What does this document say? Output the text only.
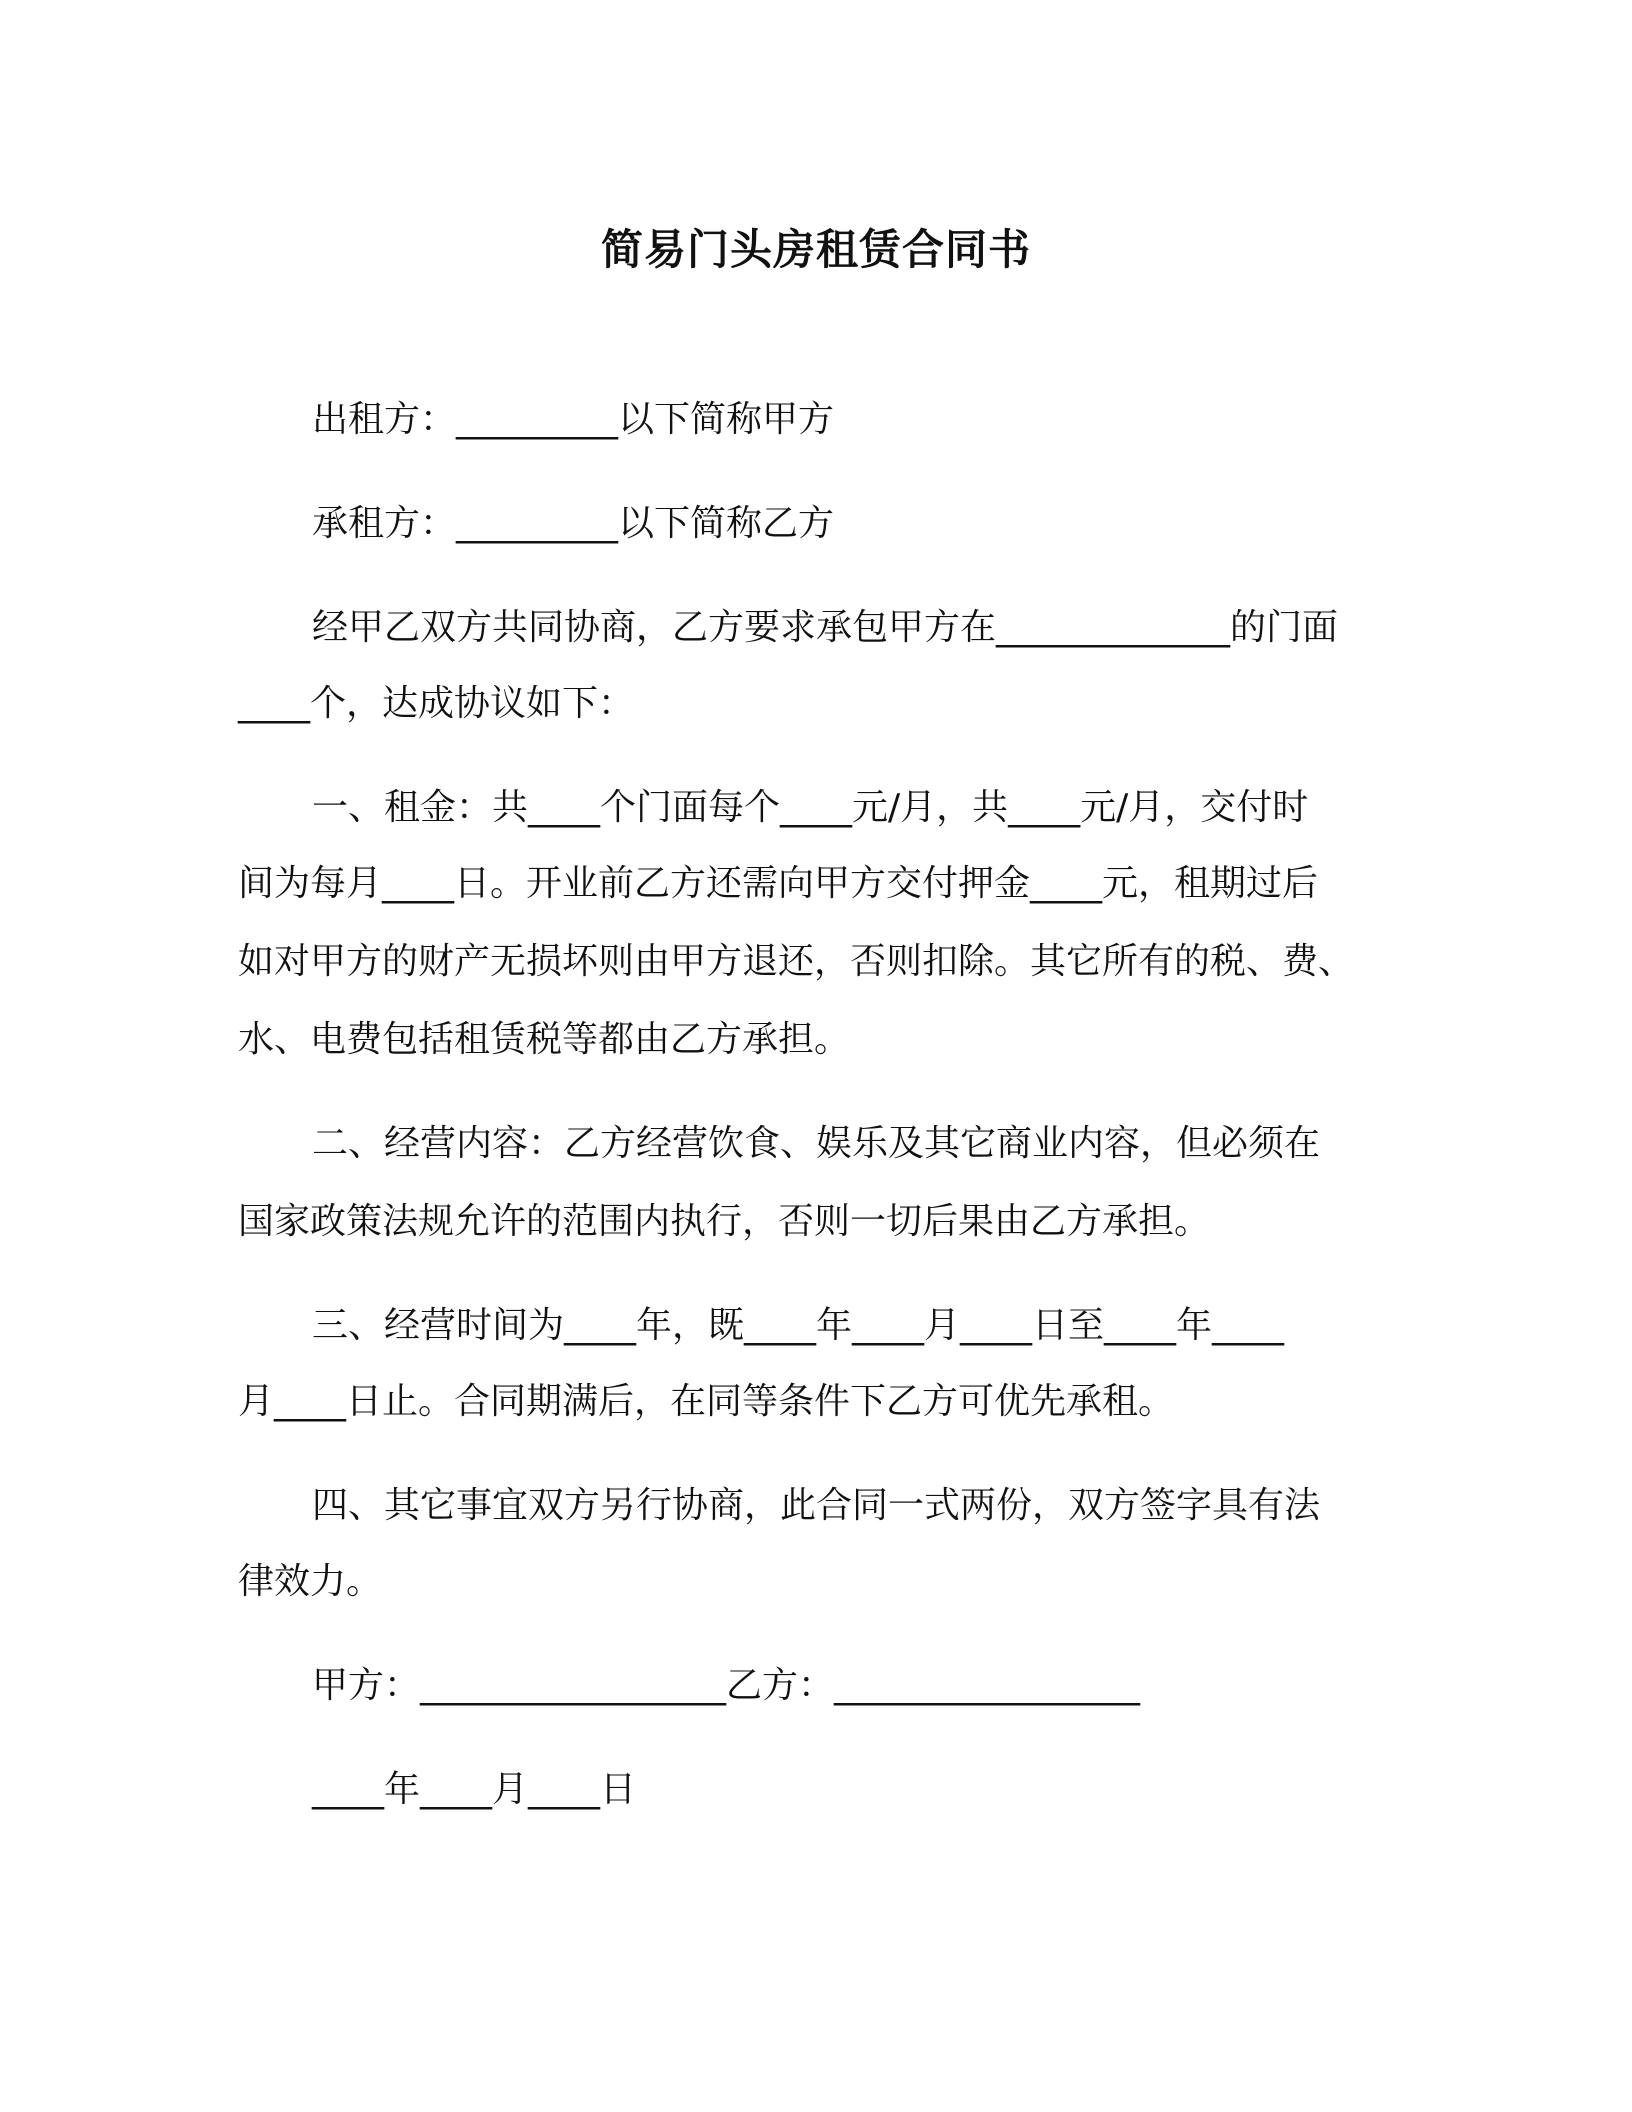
简易门头房租赁合同书
出租方：_________以下简称甲方
承租方：_________以下简称乙方
经甲乙双方共同协商，乙方要求承包甲方在_____________的门面
____个，达成协议如下：
一、租金：共____个门面每个____元/月，共____元/月，交付时
间为每月____日。开业前乙方还需向甲方交付押金____元，租期过后
如对甲方的财产无损坏则由甲方退还，否则扣除。其它所有的税、费、
水、电费包括租赁税等都由乙方承担。
二、经营内容：乙方经营饮食、娱乐及其它商业内容，但必须在
国家政策法规允许的范围内执行，否则一切后果由乙方承担。
三、经营时间为____年，既____年____月____日至____年____
月____日止。合同期满后，在同等条件下乙方可优先承租。
四、其它事宜双方另行协商，此合同一式两份，双方签字具有法
律效力。
甲方：_________________乙方：_________________
____年____月____日
